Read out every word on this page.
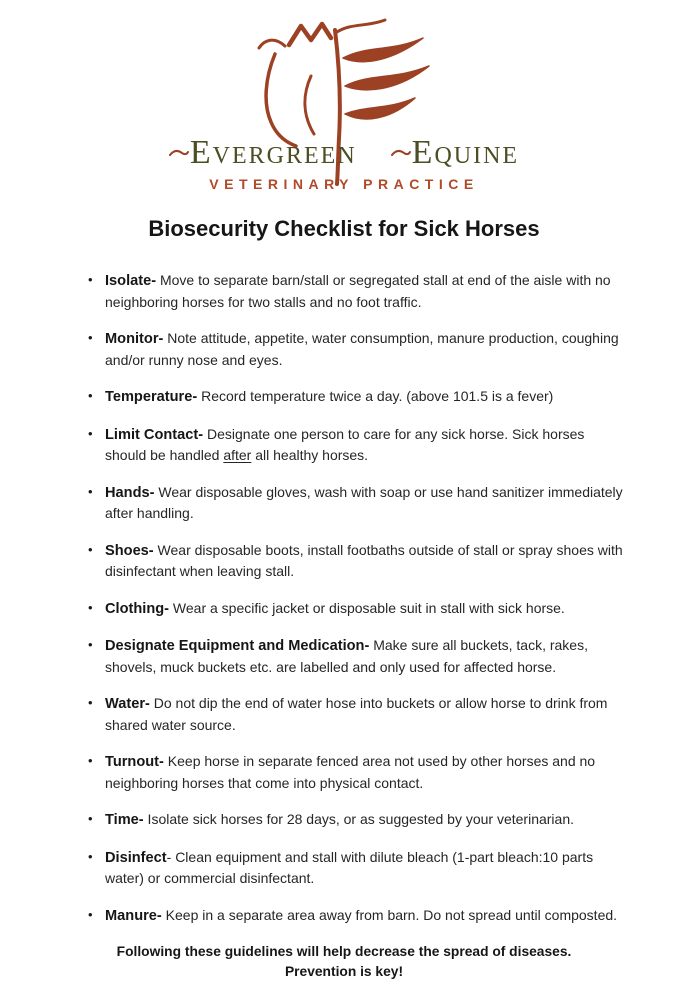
Evergreen Equine
VETERINARY PRACTICE
Biosecurity Checklist for Sick Horses
• Isolate- Move to separate barn/stall or segregated stall at end of the aisle with no neighboring horses for two stalls and no foot traffic.
• Monitor- Note attitude, appetite, water consumption, manure production, coughing and/or runny nose and eyes.
• Temperature- Record temperature twice a day. (above 101.5 is a fever)
• Limit Contact- Designate one person to care for any sick horse. Sick horses should be handled after all healthy horses.
• Hands- Wear disposable gloves, wash with soap or use hand sanitizer immediately after handling.
• Shoes- Wear disposable boots, install footbaths outside of stall or spray shoes with disinfectant when leaving stall.
• Clothing- Wear a specific jacket or disposable suit in stall with sick horse.
• Designate Equipment and Medication- Make sure all buckets, tack, rakes, shovels, muck buckets etc. are labelled and only used for affected horse.
• Water- Do not dip the end of water hose into buckets or allow horse to drink from shared water source.
• Turnout- Keep horse in separate fenced area not used by other horses and no neighboring horses that come into physical contact.
• Time- Isolate sick horses for 28 days, or as suggested by your veterinarian.
• Disinfect- Clean equipment and stall with dilute bleach (1-part bleach:10 parts water) or commercial disinfectant.
• Manure- Keep in a separate area away from barn. Do not spread until composted.
Following these guidelines will help decrease the spread of diseases.
Prevention is key!
